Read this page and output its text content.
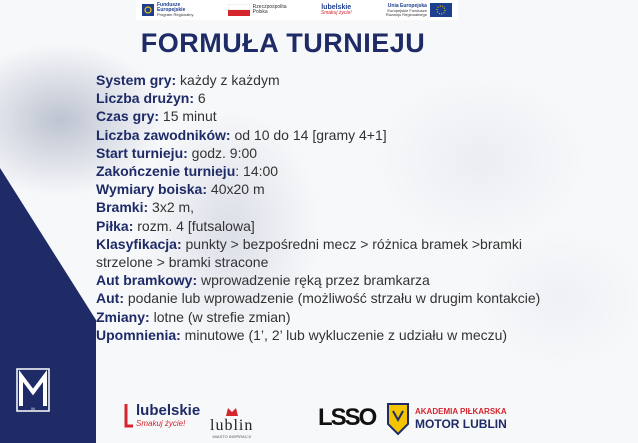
M
Fundusze
Europejskie
Program Regionalny
Rzeczpospolita
Polska
lubelskie
Smakuj życie!
Unia Europejska
Europejskie Fundusze
Rozwoju Regionalnego
FORMUŁA TURNIEJU
System gry: każdy z każdym
Liczba drużyn: 6
Czas gry: 15 minut
Liczba zawodników: od 10 do 14 [gramy 4+1]
Start turnieju: godz. 9:00
Zakończenie turnieju: 14:00
Wymiary boiska: 40x20 m
Bramki: 3x2 m,
Piłka: rozm. 4 [futsalowa]
Klasyfikacja: punkty > bezpośredni mecz > różnica bramek >bramki strzelone > bramki stracone
Aut bramkowy: wprowadzenie ręką przez bramkarza
Aut: podanie lub wprowadzenie (możliwość strzału w drugim kontakcie)
Zmiany: lotne (w strefie zmian)
Upomnienia: minutowe (1’, 2’ lub wykluczenie z udziału w meczu)
lubelskie
Smakuj życie!	lublin
MIASTO INSPIRACJI
LSSO	AKADEMIA PIŁKARSKA
MOTOR LUBLIN
